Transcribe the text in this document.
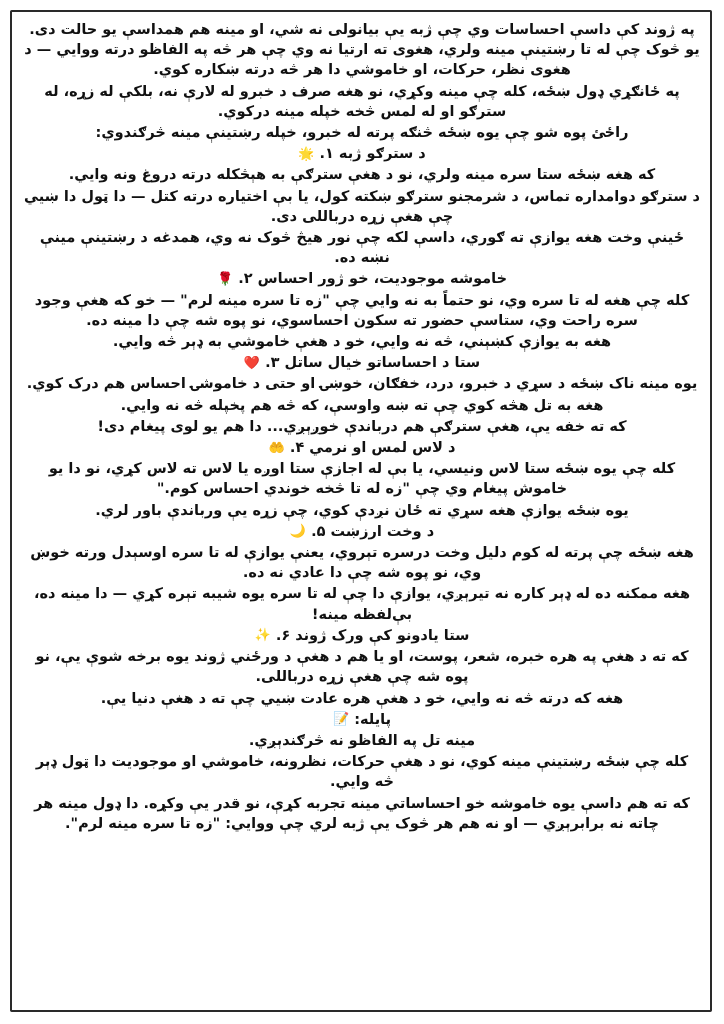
په ژوند کې داسې احساسات وي چې ژبه يې بيانولی نه شي، او مينه هم همداسې يو حالت دی. يو څوک چې له تا رښتينې مينه ولري، هغوی ته ارتيا نه وي چې هر څه په الفاظو درته ووايي — د هغوی نظر، حرکات، او خاموشي دا هر څه درته ښکاره کوي.

په ځانګړي ډول ښځه، کله چې مينه وکړي، نو هغه صرف د خبرو له لارې نه، بلکې له زړه، له سترګو او له لمس څخه خپله مينه درکوي.

راځئ پوه شو چې يوه ښځه څنګه پرته له خبرو، خپله رښتينې مينه څرګندوي:

د سترګو ژبه ۱. 🌟

که هغه ښځه ستا سره مينه ولري، نو د هغې سترګې به هېڅکله درته دروغ ونه وايي.

د سترګو دوامداره تماس، د شرمجنو سترګو ښکته کول، يا بې اختياره درته کتل — دا ټول دا ښيي چې هغې زړه درباللی دی.

ځينې وخت هغه يوازې ته ګوري، داسې لکه چې نور هيڅ څوک نه وي، همدغه د رښتينې مينې نښه ده.

خاموشه موجوديت، خو ژور احساس ۲. 🌹

کله چې هغه له تا سره وي، نو حتماً به نه وايي چې "زه تا سره مينه لرم" — خو که هغې وجود سره راحت وي، ستاسې حضور ته سکون احساسوي، نو پوه شه چې دا مينه ده.

هغه به يوازې کښېني، څه نه وايي، خو د هغې خاموشي به ډېر څه وايي.

ستا د احساساتو خيال ساتل ۳. ❤️

يوه مينه ناک ښځه د سړي د خبرو، درد، خفګان، خوښۍ او حتی د خاموشۍ احساس هم درک کوي.

هغه به تل هڅه کوي چې ته ښه واوسې، که څه هم پخپله څه نه وايي.

که ته خفه يې، هغې سترګې هم درباندې خوږېږي... دا هم يو لوی پيغام دی!

د لاس لمس او نرمي ۴. 🤲

کله چې يوه ښځه ستا لاس ونيسي، يا بې له اجازې ستا اوږه يا لاس ته لاس کړي، نو دا يو خاموش پيغام وي چې "زه له تا څخه خوندي احساس کوم."

يوه ښځه يوازې هغه سړي ته ځان نږدې کوي، چې زړه يې ورباندې باور لري.

د وخت ارزښت ۵. 🌙

هغه ښځه چې پرته له کوم دليل وخت درسره تېروي، يعنې يوازې له تا سره اوسېدل ورته خوښ وي، نو پوه شه چې دا عادي نه ده.

هغه ممکنه ده له ډېر کاره نه تيرېږي، يوازې دا چې له تا سره يوه شيبه تېره کړي — دا مينه ده، بې‌لفظه مينه!

ستا يادونو کې ورک ژوند ۶. ✨

که ته د هغې په هره خبره، شعر، پوست، او يا هم د هغې د ورځني ژوند يوه برخه شوې يې، نو پوه شه چې هغې زړه درباللی.

هغه که درته څه نه وايي، خو د هغې هره عادت ښيي چې ته د هغې دنيا يې.

پايله: 📝

مينه تل په الفاظو نه څرګندېږي.

کله چې ښځه رښتينې مينه کوي، نو د هغې حرکات، نظرونه، خاموشي او موجوديت دا ټول ډېر څه وايي.

که ته هم داسې يوه خاموشه خو احساساتي مينه تجربه کړې، نو قدر يې وکړه. دا ډول مينه هر چاته نه برابرېږي — او نه هم هر څوک يې ژبه لري چې ووايي: "زه تا سره مينه لرم".
